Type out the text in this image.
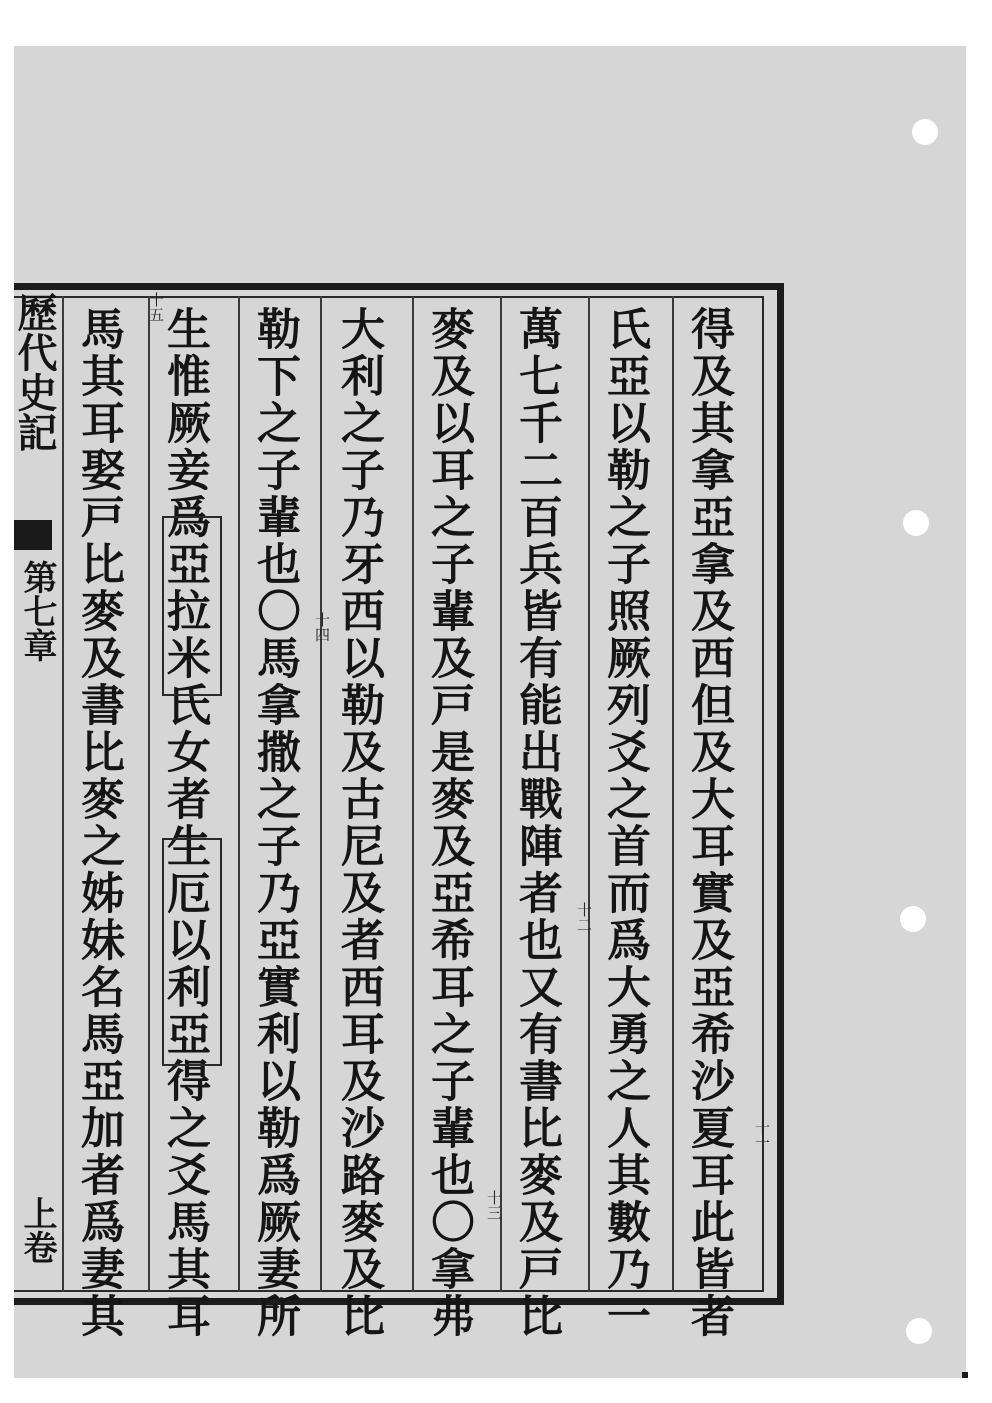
得及其拿亞拿及西但及大耳實及亞希沙夏耳此皆者
氏亞以勒之子照厥列爻之首而爲大勇之人其數乃一
萬七千二百兵皆有能出戰陣者也又有書比麥及戸比
麥及以耳之子輩及戸是麥及亞希耳之子輩也〇拿弗
大利之子乃牙西以勒及古尼及者西耳及沙路麥及比
勒下之子輩也〇馬拿撒之子乃亞實利以勒爲厥妻所
生惟厥妾爲亞拉米氏女者生厄以利亞得之爻馬其耳
馬其耳娶戸比麥及書比麥之姊妹名馬亞加者爲妻其	十一
十二
十三
十四
十五
歷代史記
第七章
上卷
